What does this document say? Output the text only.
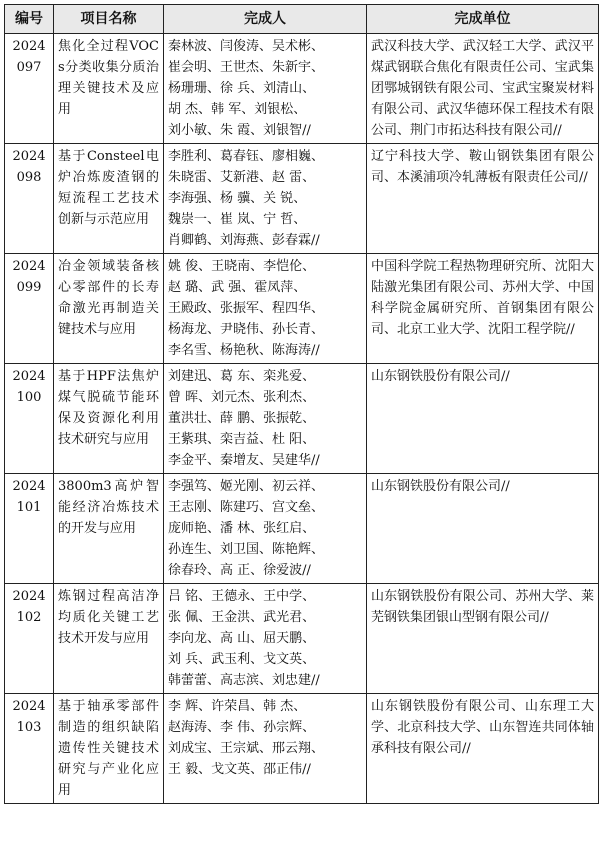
编号	项目名称	完成人	完成单位

2024
097	焦化全过程VOCs分类收集分质治理关键技术及应用	秦林波、闫俊涛、吴术彬、
崔会明、王世杰、朱新宇、
杨珊珊、徐 兵、刘清山、
胡 杰、韩 军、刘银松、
刘小敏、朱 霞、刘银智//	武汉科技大学、武汉轻工大学、武汉平煤武钢联合焦化有限责任公司、宝武集团鄂城钢铁有限公司、宝武宝聚炭材料有限公司、武汉华德环保工程技术有限公司、荆门市拓达科技有限公司//

2024
098	基于Consteel电炉冶炼废渣钢的短流程工艺技术创新与示范应用	李胜利、葛春钰、廖相巍、
朱晓雷、艾新港、赵 雷、
李海强、杨 骥、关 锐、
魏崇一、崔 岚、宁 哲、
肖卿鹤、刘海燕、彭春霖//	辽宁科技大学、鞍山钢铁集团有限公司、本溪浦项冷轧薄板有限责任公司//

2024
099	冶金领域装备核心零部件的长寿命激光再制造关键技术与应用	姚 俊、王晓南、李恺伦、
赵 璐、武 强、霍凤萍、
王殿政、张振军、程四华、
杨海龙、尹晓伟、孙长青、
李名雪、杨艳秋、陈海涛//	中国科学院工程热物理研究所、沈阳大陆激光集团有限公司、苏州大学、中国科学院金属研究所、首钢集团有限公司、北京工业大学、沈阳工程学院//

2024
100	基于HPF法焦炉煤气脱硫节能环保及资源化利用技术研究与应用	刘建迅、葛 东、栾兆爱、
曾 晖、刘元杰、张利杰、
董洪壮、薛 鹏、张振乾、
王紫琪、栾吉益、杜 阳、
李金平、秦增友、吴建华//	山东钢铁股份有限公司//

2024
101	3800m3高炉智能经济冶炼技术的开发与应用	李强笃、姬光刚、初云祥、
王志刚、陈建巧、宫文垒、
庞师艳、潘 林、张红启、
孙连生、刘卫国、陈艳辉、
徐春玲、高 正、徐爱波//	山东钢铁股份有限公司//

2024
102	炼钢过程高洁净均质化关键工艺技术开发与应用	吕 铭、王德永、王中学、
张 佩、王金洪、武光君、
李向龙、高 山、屈天鹏、
刘 兵、武玉利、戈文英、
韩蕾蕾、高志滨、刘忠建//	山东钢铁股份有限公司、苏州大学、莱芜钢铁集团银山型钢有限公司//

2024
103	基于轴承零部件制造的组织缺陷遗传性关键技术研究与产业化应用	李 辉、许荣昌、韩 杰、
赵海涛、李 伟、孙宗辉、
刘成宝、王宗斌、邢云翔、
王 毅、戈文英、邵正伟//	山东钢铁股份有限公司、山东理工大学、北京科技大学、山东智连共同体轴承科技有限公司//
